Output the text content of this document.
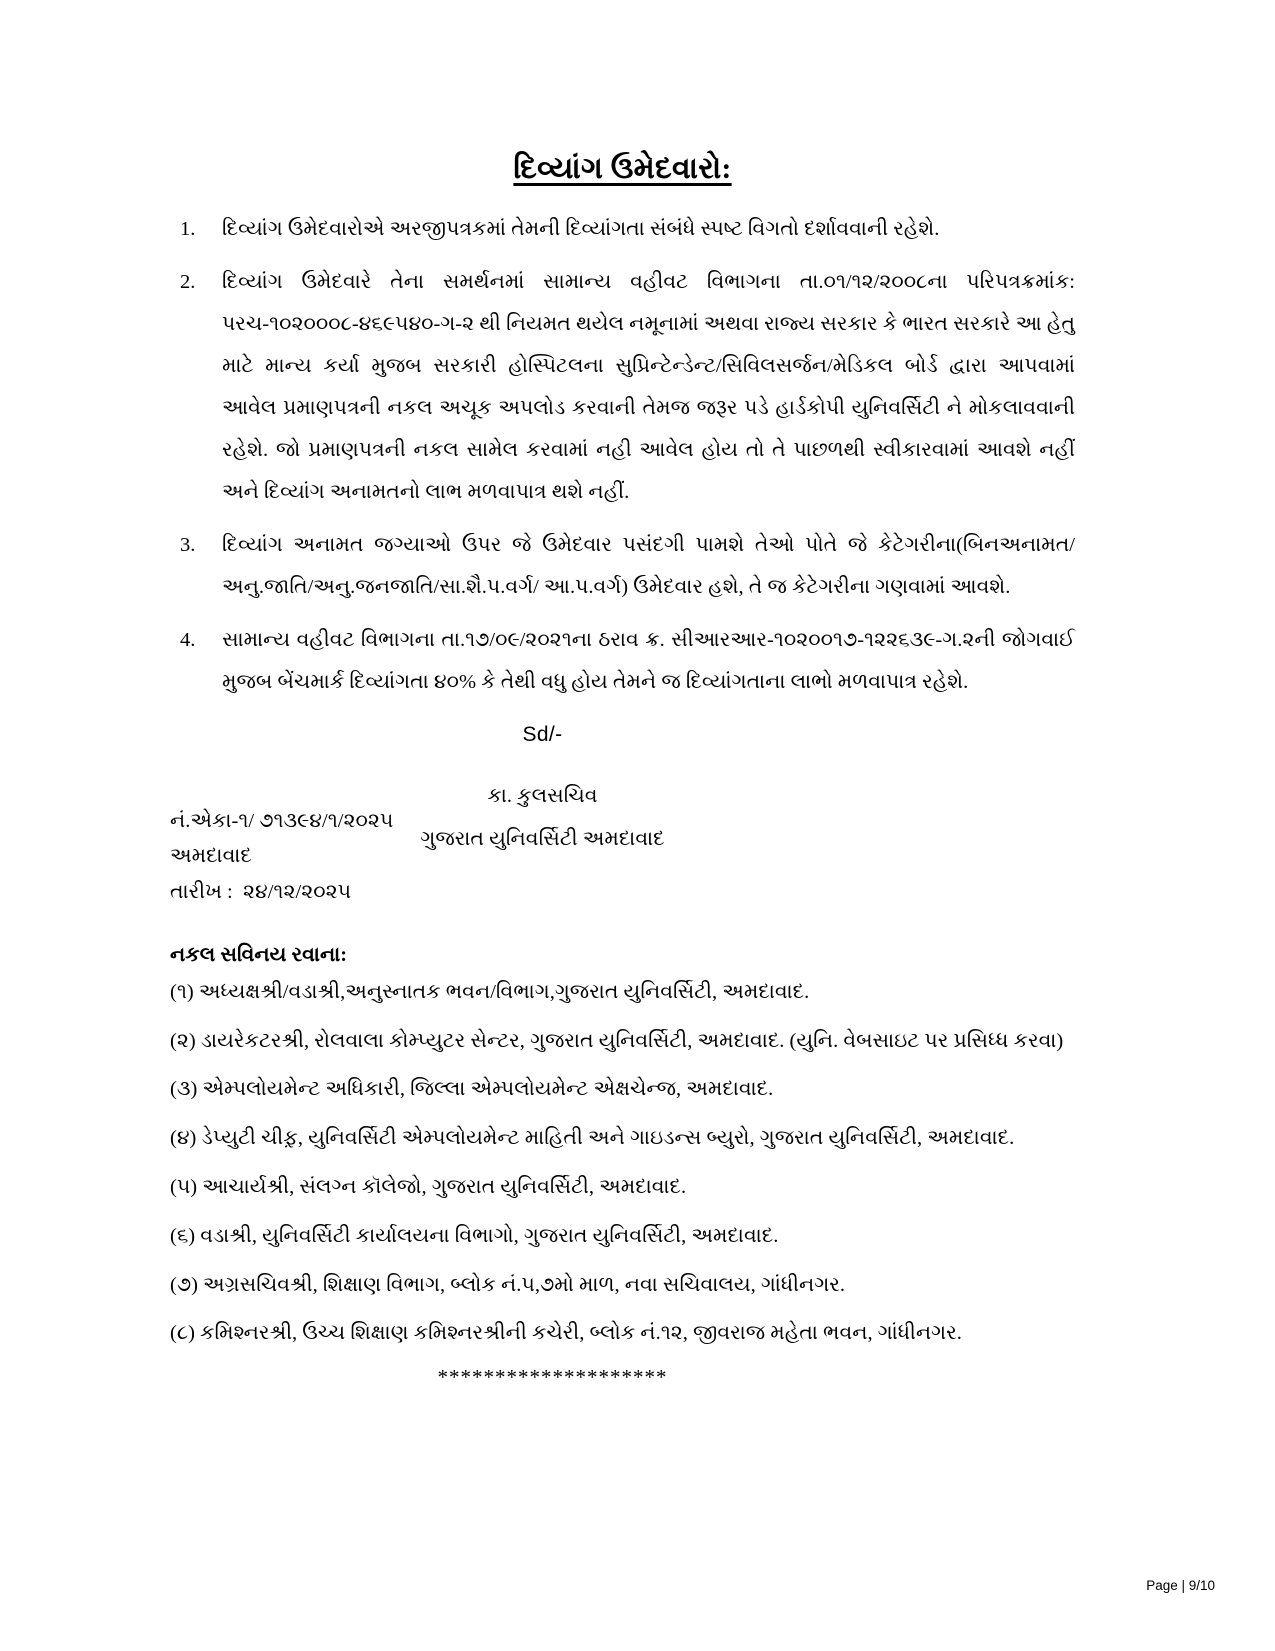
દિવ્યાંગ ઉમેદવારો:
1. દિવ્યાંગ ઉમેદવારોએ અરજીપત્રકમાં તેમની દિવ્યાંગતા સંબંધે સ્પષ્ટ વિગતો દર્શાવવાની રહેશે.
2. દિવ્યાંગ ઉમેદવારે તેના સમર્થનમાં સામાન્ય વહીવટ વિભાગના તા.૦૧/૧૨/૨૦૦૮ના પરિપત્રક્રમાંક: પરચ-૧૦૨૦૦૦૮-૪૬૯૫૪૦-ગ-૨ થી નિયમત થયેલ નમૂનામાં અથવા રાજ્ય સરકાર કે ભારત સરકારે આ હેતુ માટે માન્ય કર્યા મુજબ સરકારી હોસ્પિટલના સુપ્રિન્ટેન્ડેન્ટ/સિવિલસર્જન/મેડિકલ બોર્ડ દ્વારા આપવામાં આવેલ પ્રમાણપત્રની નકલ અચૂક અપલોડ કરવાની તેમજ જરૂર પડે હાર્ડકોપી યુનિવર્સિટી ને મોકલાવવાની રહેશે. જો પ્રમાણપત્રની નકલ સામેલ કરવામાં નહી આવેલ હોય તો તે પાછળથી સ્વીકારવામાં આવશે નહીં અને દિવ્યાંગ અનામતનો લાભ મળવાપાત્ર થશે નહીં.
3. દિવ્યાંગ અનામત જગ્યાઓ ઉપર જે ઉમેદવાર પસંદગી પામશે તેઓ પોતે જે કેટેગરીના(બિનઅનામત/અનુ.જાતિ/અનુ.જનજાતિ/સા.શૈ.પ.વર્ગ/ આ.પ.વર્ગ) ઉમેદવાર હશે, તે જ કેટેગરીના ગણવામાં આવશે.
4. સામાન્ય વહીવટ વિભાગના તા.૧૭/૦૯/૨૦૨૧ના ઠરાવ ક્ર. સીઆરઆર-૧૦૨૦૦૧૭-૧૨૨૬૩૯-ગ.૨ની જોગવાઈ મુજબ બેંચમાર્ક દિવ્યાંગતા ૪૦% કે તેથી વધુ હોય તેમને જ દિવ્યાંગતાના લાભો મળવાપાત્ર રહેશે.
Sd/-
કા. કુલસચિવ
ગુજરાત યુનિવર્સિટી અમદાવાદ
નં.એકા-૧/ ૭૧૩૯૪/૧/૨૦૨૫
અમદાવાદ
તારીખ :  ૨૪/૧૨/૨૦૨૫
નકલ સવિનય રવાના:
(૧) અધ્યક્ષશ્રી/વડાશ્રી,અનુસ્નાતક ભવન/વિભાગ,ગુજરાત યુનિવર્સિટી, અમદાવાદ.
(૨) ડાયરેકટરશ્રી, રોલવાલા કોમ્પ્યુટર સેન્ટર, ગુજરાત યુનિવર્સિટી, અમદાવાદ. (યુનિ. વેબસાઇટ પર પ્રસિધ્ધ કરવા)
(૩) એમ્પલોયમેન્ટ અધિકારી, જિલ્લા એમ્પલોયમેન્ટ એક્ષચેન્જ, અમદાવાદ.
(૪) ડેપ્યુટી ચીફ઼, યુનિવર્સિટી એમ્પલોયમેન્ટ માહિતી અને ગાઇડન્સ બ્યુરો, ગુજરાત યુનિવર્સિટી, અમદાવાદ.
(૫) આચાર્યશ્રી, સંલગ્ન કૉલેજો, ગુજરાત યુનિવર્સિટી, અમદાવાદ.
(૬) વડાશ્રી, યુનિવર્સિટી કાર્યાલયના વિભાગો, ગુજરાત યુનિવર્સિટી, અમદાવાદ.
(૭) અગ્રસચિવશ્રી, શિક્ષાણ વિભાગ, બ્લોક નં.૫,૭મો માળ, નવા સચિવાલય, ગાંધીનગર.
(૮) કમિશ્નરશ્રી, ઉચ્ચ શિક્ષાણ કમિશ્નરશ્રીની કચેરી, બ્લોક નં.૧૨, જીવરાજ મહેતા ભવન, ગાંધીનગર.
********************
Page | 9/10
